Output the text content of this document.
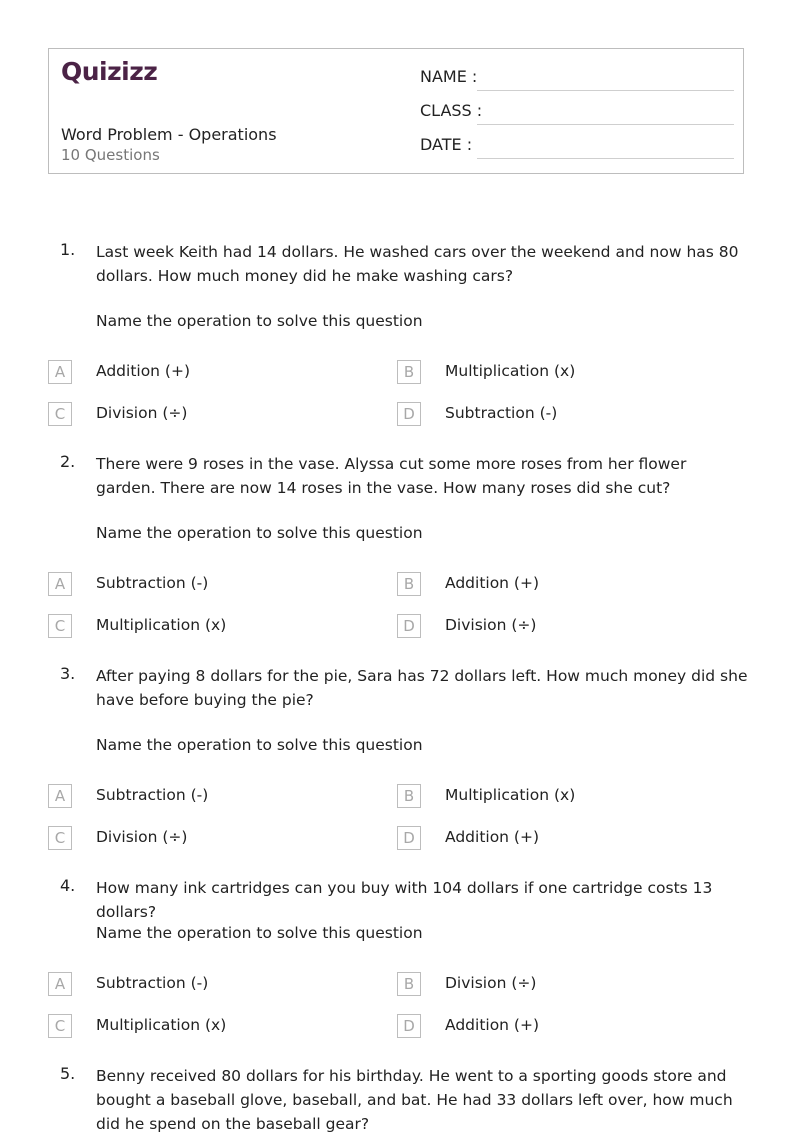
Quizizz
Word Problem - Operations
10 Questions
NAME :
CLASS :
DATE :
1. Last week Keith had 14 dollars. He washed cars over the weekend and now has 80 dollars. How much money did he make washing cars?
Name the operation to solve this question
A	Addition (+)	B	Multiplication (x)
C	Division (÷)	D	Subtraction (-)
2. There were 9 roses in the vase. Alyssa cut some more roses from her flower garden. There are now 14 roses in the vase. How many roses did she cut?
Name the operation to solve this question
A	Subtraction (-)	B	Addition (+)
C	Multiplication (x)	D	Division (÷)
3. After paying 8 dollars for the pie, Sara has 72 dollars left. How much money did she have before buying the pie?
Name the operation to solve this question
A	Subtraction (-)	B	Multiplication (x)
C	Division (÷)	D	Addition (+)
4. How many ink cartridges can you buy with 104 dollars if one cartridge costs 13 dollars?
Name the operation to solve this question
A	Subtraction (-)	B	Division (÷)
C	Multiplication (x)	D	Addition (+)
5. Benny received 80 dollars for his birthday. He went to a sporting goods store and bought a baseball glove, baseball, and bat. He had 33 dollars left over, how much did he spend on the baseball gear?
